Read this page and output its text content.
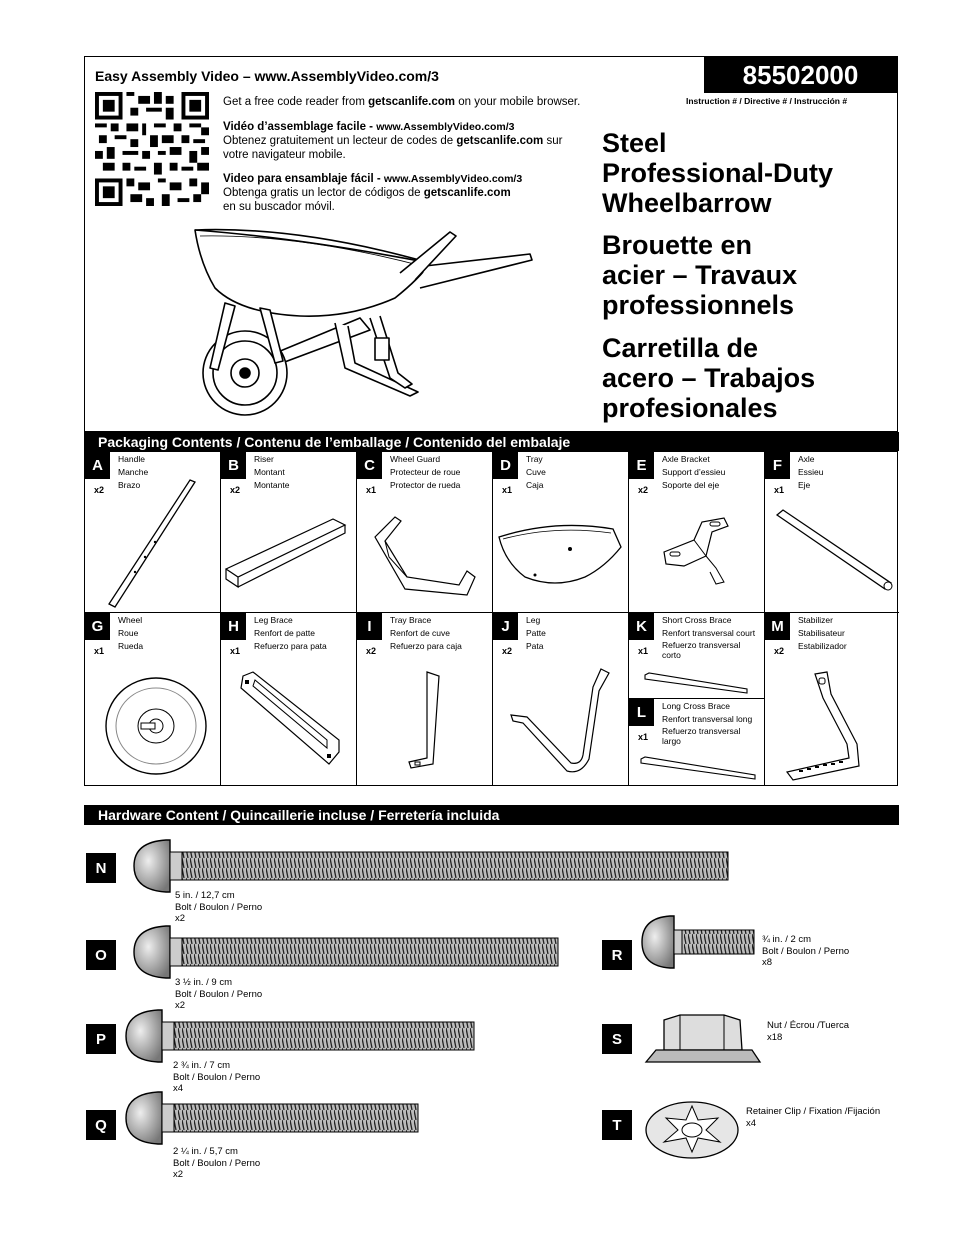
Easy Assembly Video – www.AssemblyVideo.com/3	85502000
Instruction # / Directive # / Instrucción #
Get a free code reader from getscanlife.com on your mobile browser.
Vidéo d’assemblage facile - www.AssemblyVideo.com/3
Obtenez gratuitement un lecteur de codes de getscanlife.com sur
votre navigateur mobile.
Video para ensamblaje fácil - www.AssemblyVideo.com/3
Obtenga gratis un lector de códigos de getscanlife.com
en su buscador móvil.
Steel
Professional-Duty
Wheelbarrow
Brouette en
acier – Travaux
professionnels
Carretilla de
acero – Trabajos
profesionales
Packaging Contents / Contenu de l’emballage / Contenido del embalaje
A
x2
Handle
Manche
Brazo
B
x2
Riser
Montant
Montante
C
x1
Wheel Guard
Protecteur de roue
Protector de rueda
D
x1
Tray
Cuve
Caja
E
x2
Axle Bracket
Support d’essieu
Soporte del eje
F
x1
Axle
Essieu
Eje
G
x1
Wheel
Roue
Rueda
H
x1
Leg Brace
Renfort de patte
Refuerzo para pata
I
x2
Tray Brace
Renfort de cuve
Refuerzo para caja
J
x2
Leg
Patte
Pata
K
x1
Short Cross Brace
Renfort transversal court
Refuerzo transversal
corto
L
x1
Long Cross Brace
Renfort transversal long
Refuerzo transversal
largo
M
x2
Stabilizer
Stabilisateur
Estabilizador
Hardware Content / Quincaillerie incluse / Ferretería incluida
N
5 in. / 12,7 cm
Bolt / Boulon / Perno
x2
O
3 ½ in. / 9 cm
Bolt / Boulon / Perno
x2
P
2 ¾ in. / 7 cm
Bolt / Boulon / Perno
x4
Q
2 ¼ in. / 5,7 cm
Bolt / Boulon / Perno
x2
R
¾ in. / 2 cm
Bolt / Boulon / Perno
x8
S
Nut / Écrou /Tuerca
x18
T
Retainer Clip / Fixation /Fijación
x4
